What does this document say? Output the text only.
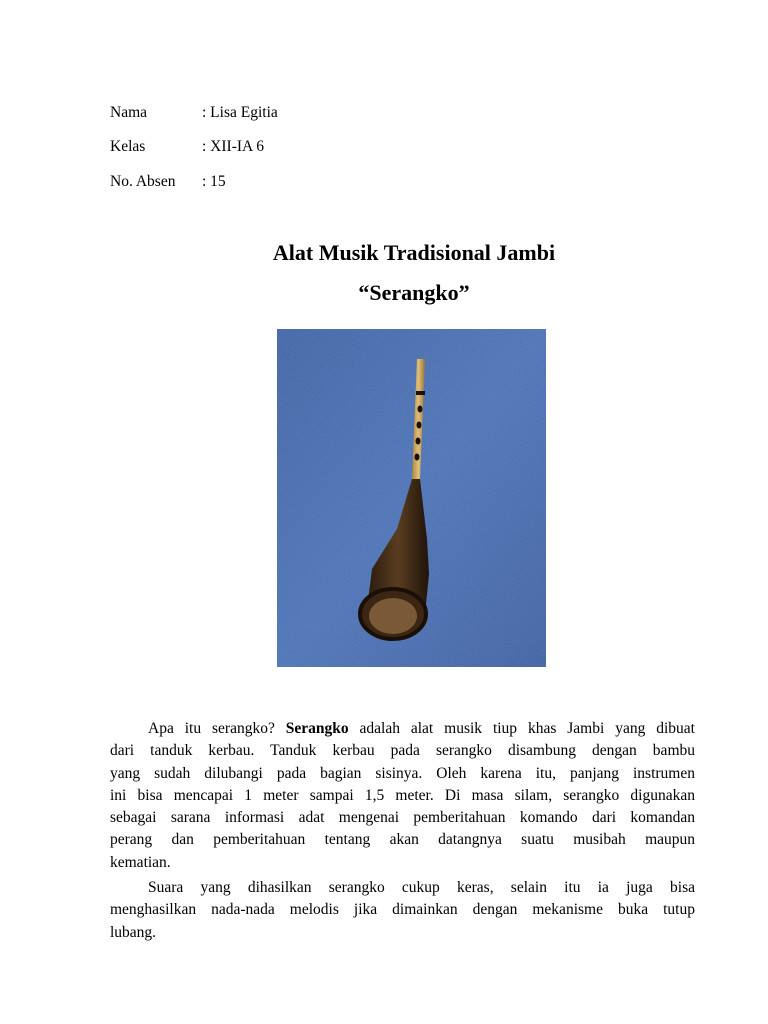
Nama	: Lisa Egitia
Kelas	: XII-IA 6
No. Absen : 15
Alat Musik Tradisional Jambi
“Serangko”
Apa itu serangko? Serangko adalah alat musik tiup khas Jambi yang dibuat
dari tanduk kerbau. Tanduk kerbau pada serangko disambung dengan bambu
yang sudah dilubangi pada bagian sisinya. Oleh karena itu, panjang instrumen
ini bisa mencapai 1 meter sampai 1,5 meter. Di masa silam, serangko digunakan
sebagai sarana informasi adat mengenai pemberitahuan komando dari komandan
perang dan pemberitahuan tentang akan datangnya suatu musibah maupun
kematian.
Suara yang dihasilkan serangko cukup keras, selain itu ia juga bisa
menghasilkan nada-nada melodis jika dimainkan dengan mekanisme buka tutup
lubang.
